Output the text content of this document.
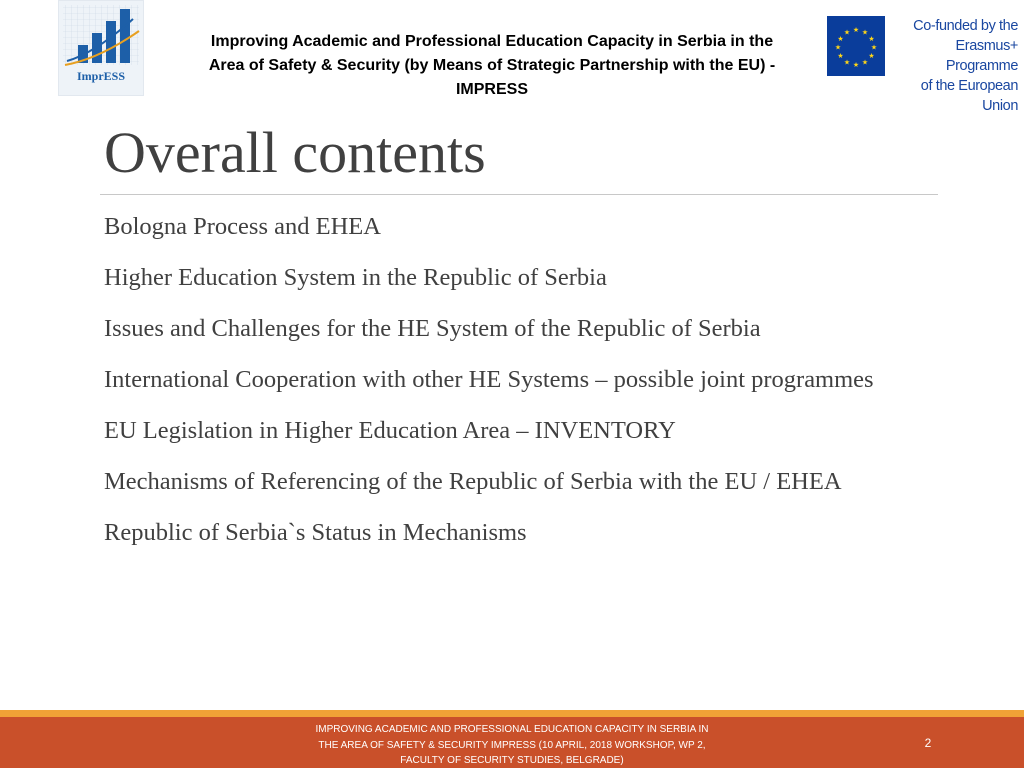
ImprESS
Improving Academic and Professional Education Capacity in Serbia in the Area of Safety & Security (by Means of Strategic Partnership with the EU) - IMPRESS
★ ★
★
★
★
★
★
★
★
★
★
★	Co-funded by the
Erasmus+ Programme
of the European Union
Overall contents
Bologna Process and EHEA
Higher Education System in the Republic of Serbia
Issues and Challenges for the HE System of the Republic of Serbia
International Cooperation with other HE Systems – possible joint programmes
EU Legislation in Higher Education Area – INVENTORY
Mechanisms of Referencing of the Republic of Serbia with the EU / EHEA
Republic of Serbia`s Status in Mechanisms
IMPROVING ACADEMIC AND PROFESSIONAL EDUCATION CAPACITY IN SERBIA IN THE AREA OF SAFETY & SECURITY IMPRESS (10 APRIL, 2018 WORKSHOP, WP 2, FACULTY OF SECURITY STUDIES, BELGRADE)
2
